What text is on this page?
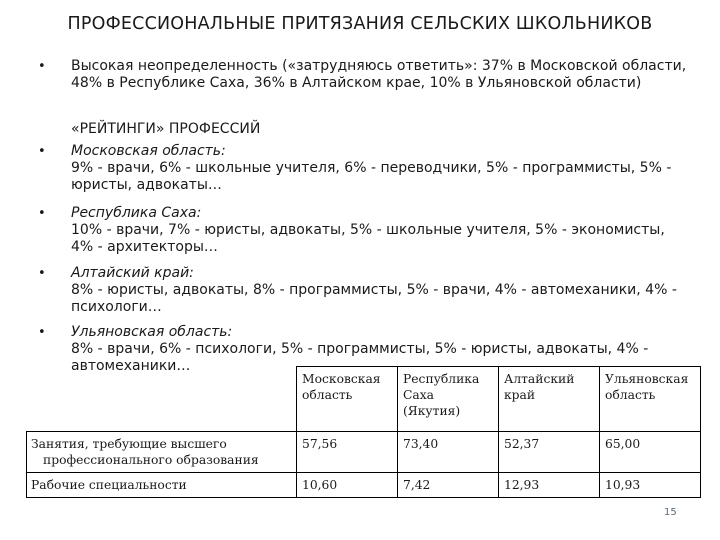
ПРОФЕССИОНАЛЬНЫЕ ПРИТЯЗАНИЯ СЕЛЬСКИХ ШКОЛЬНИКОВ
• Высокая неопределенность («затрудняюсь ответить»: 37% в Московской области, 48% в Республике Саха, 36% в Алтайском крае, 10% в Ульяновской области)
«РЕЙТИНГИ» ПРОФЕССИЙ
• Московская область:
9% - врачи, 6% - школьные учителя, 6% - переводчики, 5% - программисты, 5% - юристы, адвокаты…
• Республика Саха:
10% - врачи, 7% - юристы, адвокаты, 5% - школьные учителя, 5% - экономисты, 4% - архитекторы…
• Алтайский край:
8% - юристы, адвокаты, 8% - программисты, 5% - врачи, 4% - автомеханики, 4% - психологи…
• Ульяновская область:
8% - врачи, 6% - психологи, 5% - программисты, 5% - юристы, адвокаты, 4% - автомеханики…
	Московская область	Республика Саха (Якутия)	Алтайский край	Ульяновская область
Занятия, требующие высшего
профессионального образования	57,56	73,40	52,37	65,00
Рабочие специальности	10,60	7,42	12,93	10,93
15
